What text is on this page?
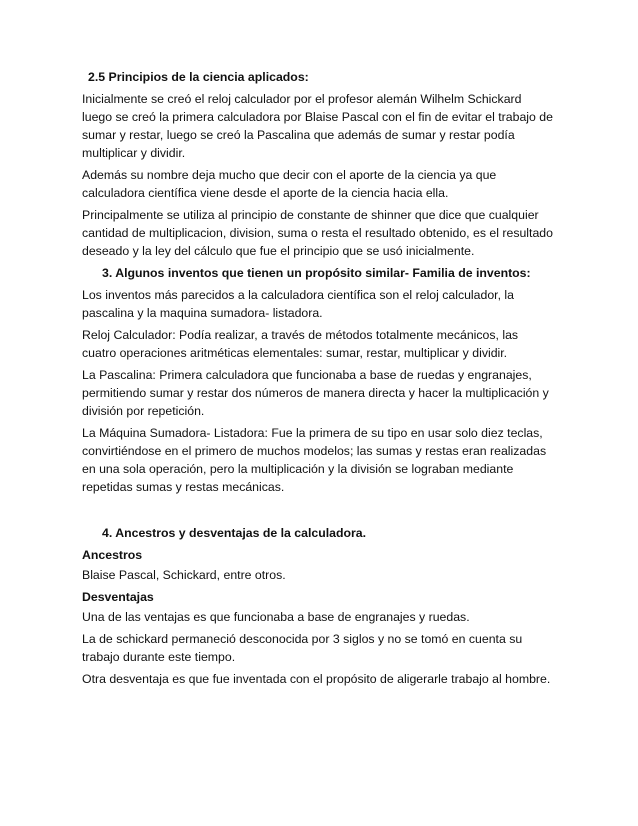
2.5 Principios de la ciencia aplicados:

Inicialmente se creó el reloj calculador por el profesor alemán Wilhelm Schickard luego se creó la primera calculadora por Blaise Pascal con el fin de evitar el trabajo de sumar y restar, luego se creó la Pascalina que además de sumar y restar podía multiplicar y dividir.

Además su nombre deja mucho que decir con el aporte de la ciencia ya que calculadora científica viene desde el aporte de la ciencia hacia ella.

Principalmente se utiliza al principio de constante de shinner que dice que cualquier cantidad de multiplicacion, division, suma o resta el resultado obtenido, es el resultado deseado y la ley del cálculo que fue el principio que se usó inicialmente.

3. Algunos inventos que tienen un propósito similar- Familia de inventos:

Los inventos más parecidos a la calculadora científica son el reloj calculador, la pascalina y la maquina sumadora- listadora.

Reloj Calculador: Podía realizar, a través de métodos totalmente mecánicos, las cuatro operaciones aritméticas elementales: sumar, restar, multiplicar y dividir.

La Pascalina: Primera calculadora que funcionaba a base de ruedas y engranajes, permitiendo sumar y restar dos números de manera directa y hacer la multiplicación y división por repetición.

La Máquina Sumadora- Listadora: Fue la primera de su tipo en usar solo diez teclas, convirtiéndose en el primero de muchos modelos; las sumas y restas eran realizadas en una sola operación, pero la multiplicación y la división se lograban mediante repetidas sumas y restas mecánicas.

4. Ancestros y desventajas de la calculadora.
Ancestros

Blaise Pascal, Schickard, entre otros.

Desventajas

Una de las ventajas es que funcionaba a base de engranajes y ruedas.

La de schickard permaneció desconocida por 3 siglos y no se tomó en cuenta su trabajo durante este tiempo.

Otra desventaja es que fue inventada con el propósito de aligerarle trabajo al hombre.
